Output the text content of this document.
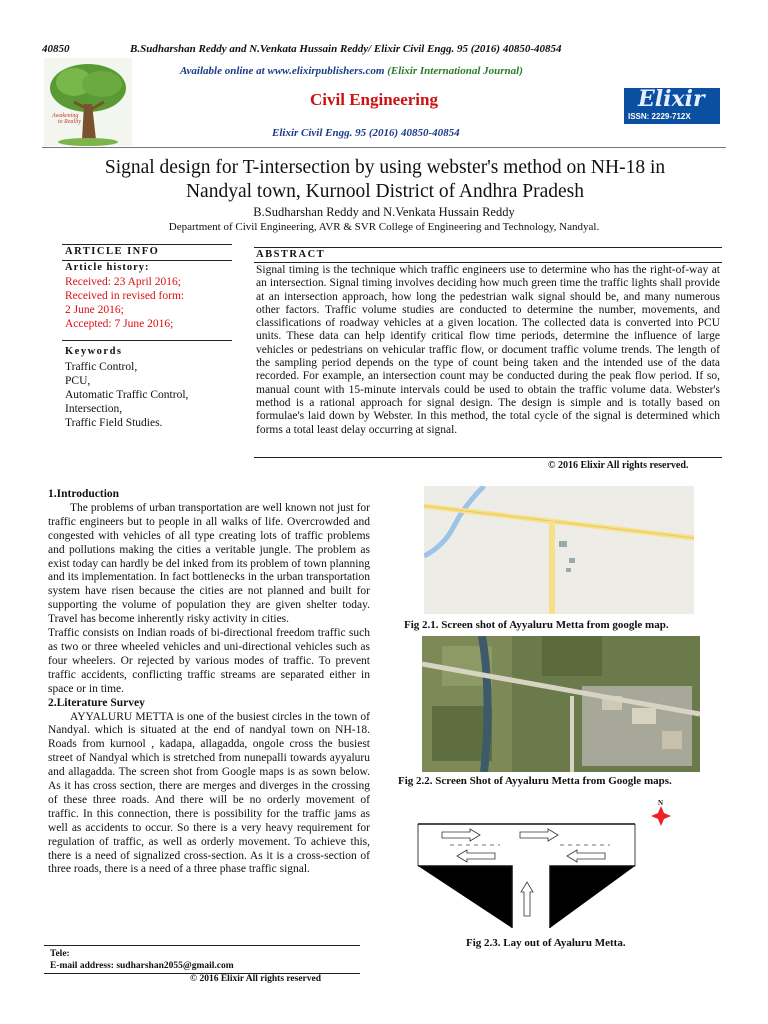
40850	B.Sudharshan Reddy and N.Venkata Hussain Reddy/ Elixir Civil Engg. 95 (2016) 40850-40854
Awakening
to Reality
Available online at www.elixirpublishers.com (Elixir International Journal)
Civil Engineering
Elixir Civil Engg. 95 (2016) 40850-40854
Elixir
ISSN: 2229-712X
Signal design for T-intersection by using webster's method on NH-18 in
Nandyal town, Kurnool District of Andhra Pradesh
B.Sudharshan Reddy and N.Venkata Hussain Reddy
Department of Civil Engineering, AVR & SVR College of Engineering and Technology, Nandyal.
ARTICLE INFO
Article history:
Received: 23 April 2016;
Received in revised form:
2 June 2016;
Accepted: 7 June 2016;
Keywords
Traffic Control,
PCU,
Automatic Traffic Control,
Intersection,
Traffic Field Studies.
ABSTRACT
Signal timing is the technique which traffic engineers use to determine who has the right-of-way at an intersection. Signal timing involves deciding how much green time the traffic lights shall provide at an intersection approach, how long the pedestrian walk signal should be, and many numerous other factors. Traffic volume studies are conducted to determine the number, movements, and classifications of roadway vehicles at a given location. The collected data is converted into PCU units. These data can help identify critical flow time periods, determine the influence of large vehicles or pedestrians on vehicular traffic flow, or document traffic volume trends. The length of the sampling period depends on the type of count being taken and the intended use of the data recorded. For example, an intersection count may be conducted during the peak flow period. If so, manual count with 15-minute intervals could be used to obtain the traffic volume data. Webster's method is a rational approach for signal design. The design is simple and is totally based on formulae's laid down by Webster. In this method, the total cycle of the signal is determined which forms a total least delay occurring at signal.
© 2016 Elixir All rights reserved.
1.Introduction
The problems of urban transportation are well known not just for traffic engineers but to people in all walks of life. Overcrowded and congested with vehicles of all type creating lots of traffic problems and pollutions making the cities a veritable jungle. The problem as exist today can hardly be del inked from its problem of town planning and its implementation. In fact bottlenecks in the urban transportation system have risen because the cities are not planned and built for supporting the volume of population they are given shelter today. Travel has become inherently risky activity in cities.
Traffic consists on Indian roads of bi-directional freedom traffic such as two or three wheeled vehicles and uni-directional vehicles such as four wheelers. Or rejected by various modes of traffic. To prevent traffic accidents, conflicting traffic streams are separated either in space or in time.
2.Literature Survey
AYYALURU METTA is one of the busiest circles in the town of Nandyal. which is situated at the end of nandyal town on NH-18. Roads from kurnool , kadapa, allagadda, ongole cross the busiest street of Nandyal which is stretched from nunepalli towards ayyaluru and allagadda. The screen shot from Google maps is as sown below. As it has cross section, there are merges and diverges in the crossing of these three roads. And there will be no orderly movement of traffic. In this connection, there is possibility for the traffic jams as well as accidents to occur. So there is a very heavy requirement for regulation of traffic, as well as orderly movement. To achieve this, there is a need of signalized cross-section. As it is a cross-section of three roads, there is a need of a three phase traffic signal.
Fig 2.1. Screen shot of Ayyaluru Metta from google map.
Fig 2.2. Screen Shot of Ayyaluru Metta from Google maps.
N
Fig 2.3. Lay out of Ayaluru Metta.
Tele:
E-mail address: sudharshan2055@gmail.com
© 2016 Elixir All rights reserved
